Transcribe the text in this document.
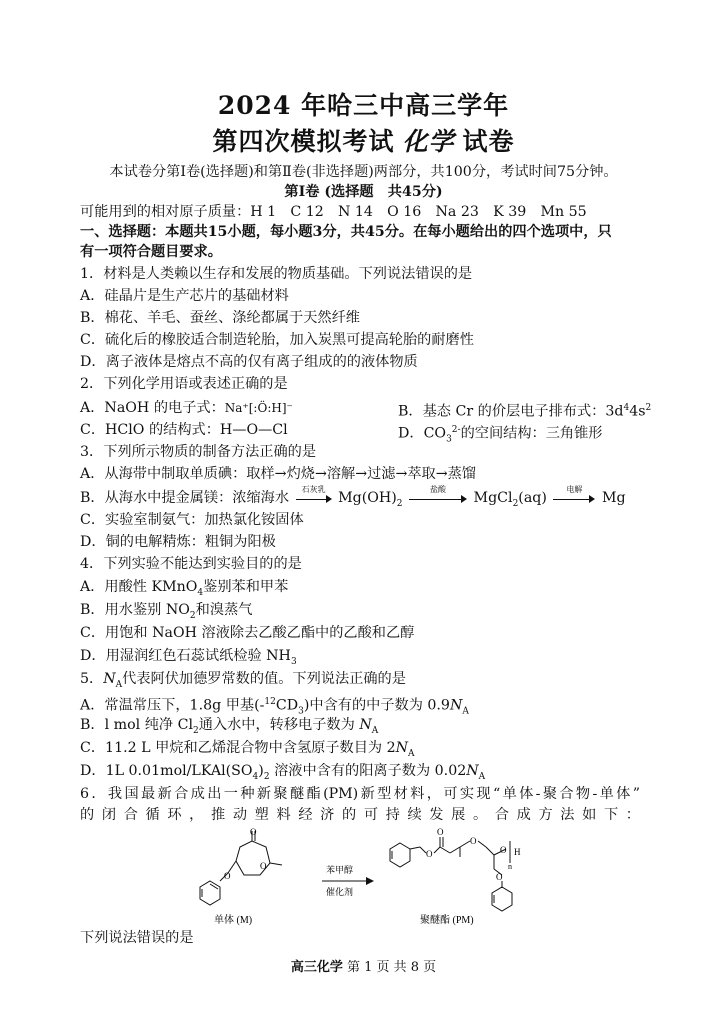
2024 年哈三中高三学年
第四次模拟考试 化学 试卷
本试卷分第Ⅰ卷(选择题)和第Ⅱ卷(非选择题)两部分，共100分，考试时间75分钟。
第Ⅰ卷 (选择题　共45分)
可能用到的相对原子质量：H 1　C 12　N 14　O 16　Na 23　K 39　Mn 55
一、选择题：本题共15小题，每小题3分，共45分。在每小题给出的四个选项中，只
有一项符合题目要求。
1．材料是人类赖以生存和发展的物质基础。下列说法错误的是
A．硅晶片是生产芯片的基础材料
B．棉花、羊毛、蚕丝、涤纶都属于天然纤维
C．硫化后的橡胶适合制造轮胎，加入炭黑可提高轮胎的耐磨性
D．离子液体是熔点不高的仅有离子组成的的液体物质
2．下列化学用语或表述正确的是
A．NaOH 的电子式：Na⁺[:Ö:H]⁻	B．基态 Cr 的价层电子排布式：$3d^44s^2$
C．HClO 的结构式：H—O—Cl	D．$CO_3^{2-}$的空间结构：三角锥形
3．下列所示物质的制备方法正确的是
A．从海带中制取单质碘：取样→灼烧→溶解→过滤→萃取→蒸馏
B．从海水中提金属镁：浓缩海水
石灰乳
$Mg(OH)_2$
盐酸
MgCl$_2$(aq)
电解
Mg
C．实验室制氨气：加热氯化铵固体
D．铜的电解精炼：粗铜为阳极
4．下列实验不能达到实验目的的是
A．用酸性 KMnO$_4$鉴别苯和甲苯
B．用水鉴别 $NO_2$和溴蒸气
C．用饱和 NaOH 溶液除去乙酸乙酯中的乙酸和乙醇
D．用湿润红色石蕊试纸检验 $NH_3$
5．$N_A$代表阿伏加德罗常数的值。下列说法正确的是
A．常温常压下，1.8g 甲基$(-^{12}CD_3)$中含有的中子数为 $0.9N_A$
B．l mol 纯净 $Cl_2$通入水中，转移电子数为 $N_A$
C．11.2 L 甲烷和乙烯混合物中含氢原子数目为 $2N_A$
D．1L $0.01mol/LKAl(SO_4)_2$ 溶液中含有的阳离子数为 $0.02N_A$
6．我国最新合成出一种新聚醚酯(PM)新型材料，可实现“单体-聚合物-单体”
的闭合循环，推动塑料经济的可持续发展。合成方法如下：
O
O
O
单体 (M)
苯甲醇
催化剂
O
O
O
O H
n
O
聚醚酯 (PM)
下列说法错误的是
高三化学 第 1 页 共 8 页
